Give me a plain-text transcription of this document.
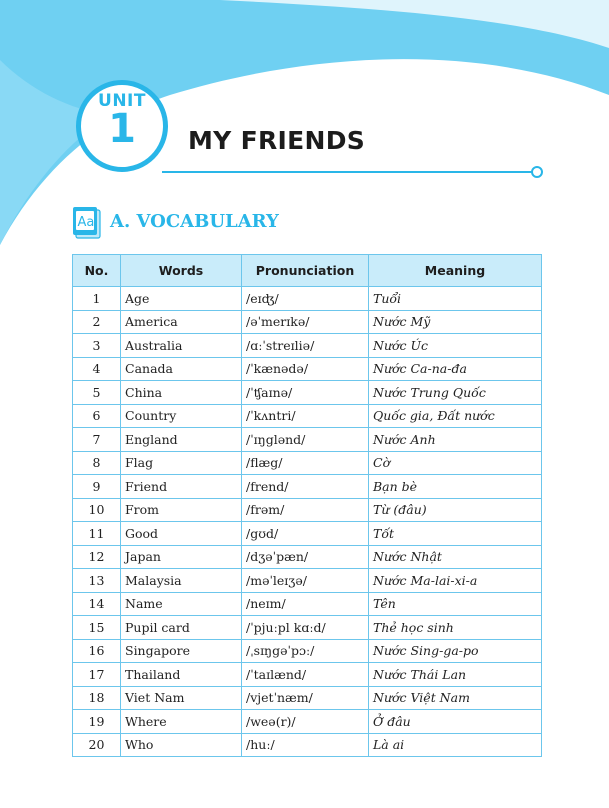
UNIT
1	MY FRIENDS
Aa A. VOCABULARY
No.	Words	Pronunciation	Meaning
1	Age	/eɪʤ/	Tuổi
2	America	/əˈmerɪkə/	Nước Mỹ
3	Australia	/ɑːˈstreɪliə/	Nước Úc
4	Canada	/ˈkænədə/	Nước Ca-na-đa
5	China	/ˈʧaɪnə/	Nước Trung Quốc
6	Country	/ˈkʌntri/	Quốc gia, Đất nước
7	England	/ˈɪŋglənd/	Nước Anh
8	Flag	/flæg/	Cờ
9	Friend	/frend/	Bạn bè
10	From	/frəm/	Từ (đâu)
11	Good	/gʊd/	Tốt
12	Japan	/dʒəˈpæn/	Nước Nhật
13	Malaysia	/məˈleɪʒə/	Nước Ma-lai-xi-a
14	Name	/neɪm/	Tên
15	Pupil card	/ˈpjuːpl kɑːd/	Thẻ học sinh
16	Singapore	/ˌsɪŋgəˈpɔː/	Nước Sing-ga-po
17	Thailand	/ˈtaɪlænd/	Nước Thái Lan
18	Viet Nam	/vjetˈnæm/	Nước Việt Nam
19	Where	/weə(r)/	Ở đâu
20	Who	/huː/	Là ai
